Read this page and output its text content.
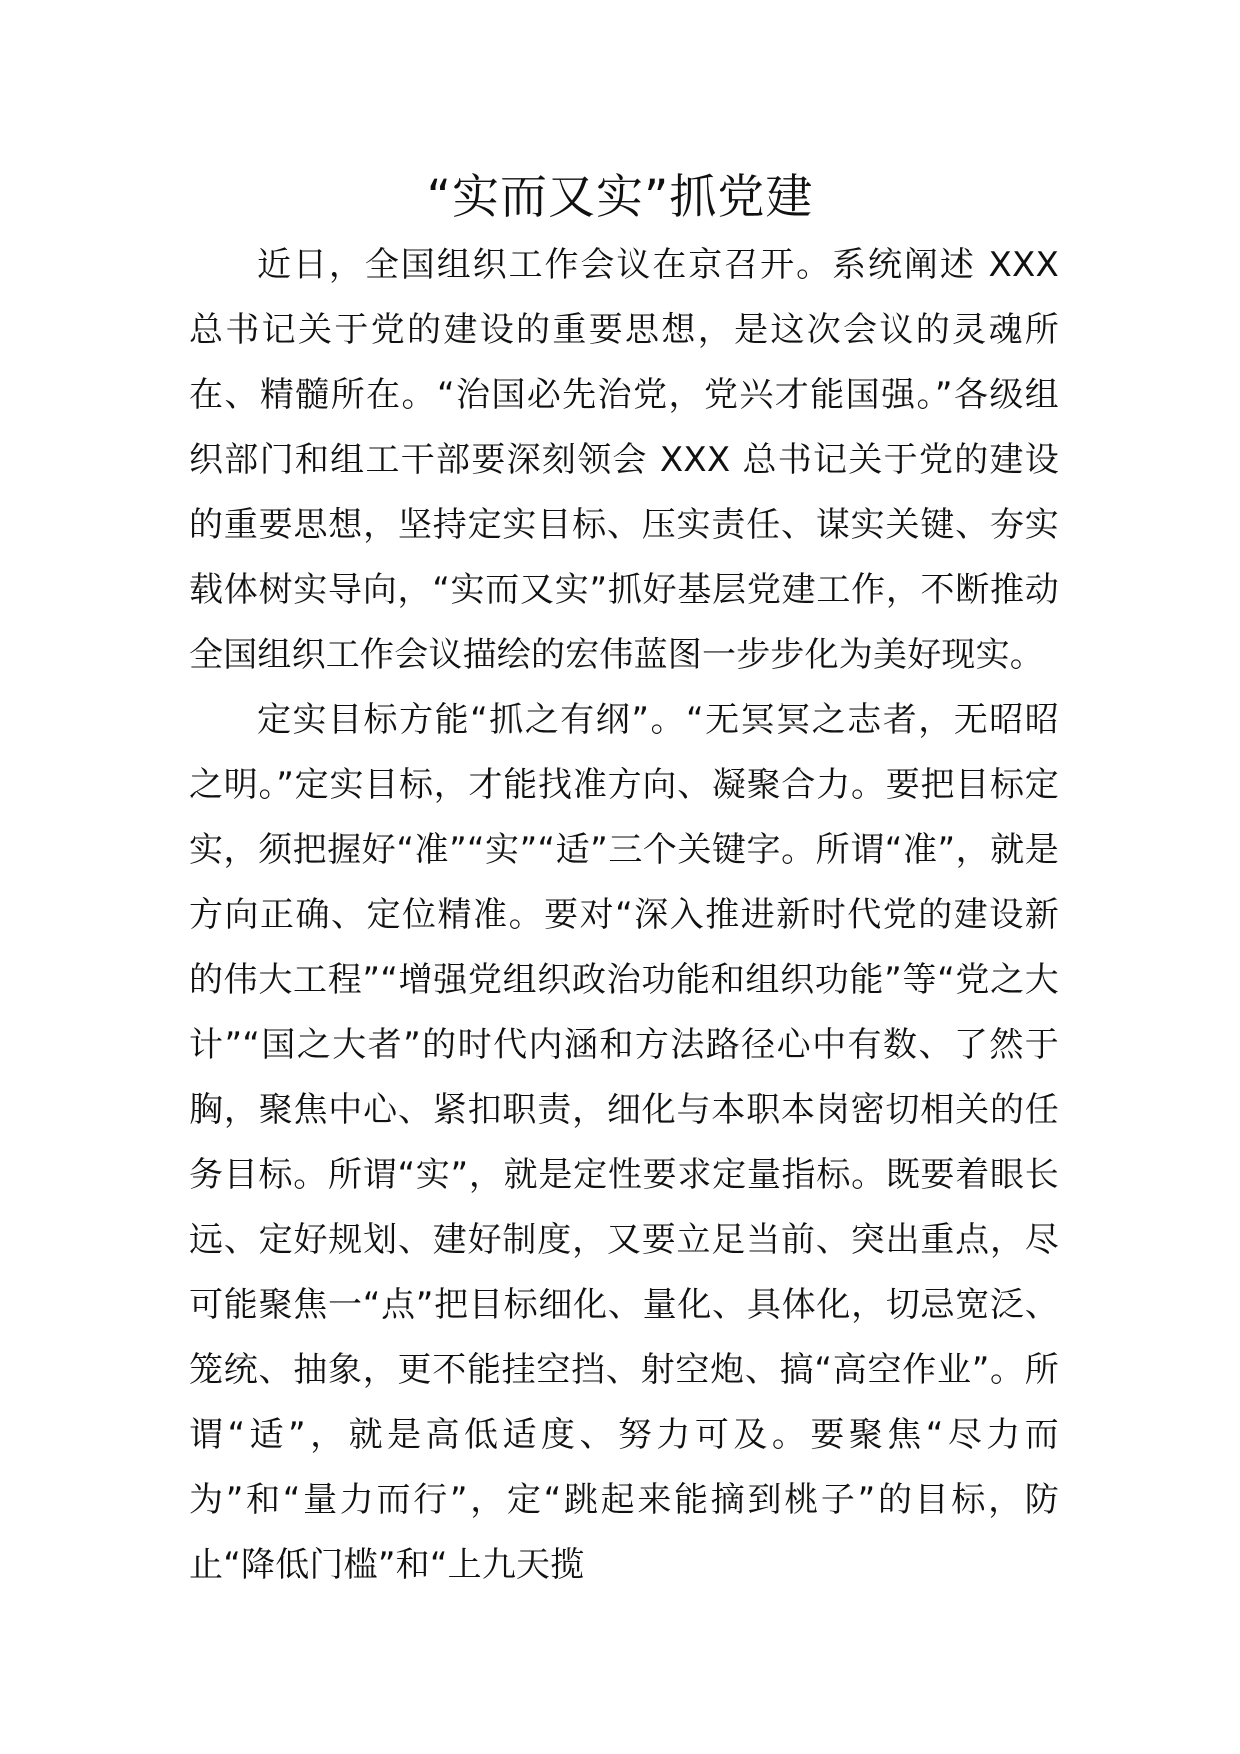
“实而又实”抓党建

近日，全国组织工作会议在京召开。系统阐述 XXX 总书记关于党的建设的重要思想，是这次会议的灵魂所在、精髓所在。“治国必先治党，党兴才能国强。”各级组织部门和组工干部要深刻领会 XXX 总书记关于党的建设的重要思想，坚持定实目标、压实责任、谋实关键、夯实载体树实导向，“实而又实”抓好基层党建工作，不断推动全国组织工作会议描绘的宏伟蓝图一步步化为美好现实。

定实目标方能“抓之有纲”。“无冥冥之志者，无昭昭之明。”定实目标，才能找准方向、凝聚合力。要把目标定实，须把握好“准”“实”“适”三个关键字。所谓“准”，就是方向正确、定位精准。要对“深入推进新时代党的建设新的伟大工程”“增强党组织政治功能和组织功能”等“党之大计”“国之大者”的时代内涵和方法路径心中有数、了然于胸，聚焦中心、紧扣职责，细化与本职本岗密切相关的任务目标。所谓“实”，就是定性要求定量指标。既要着眼长远、定好规划、建好制度，又要立足当前、突出重点，尽可能聚焦一“点”把目标细化、量化、具体化，切忌宽泛、笼统、抽象，更不能挂空挡、射空炮、搞“高空作业”。所谓“适”，就是高低适度、努力可及。要聚焦“尽力而为”和“量力而行”，定“跳起来能摘到桃子”的目标，防止“降低门槛”和“上九天揽
